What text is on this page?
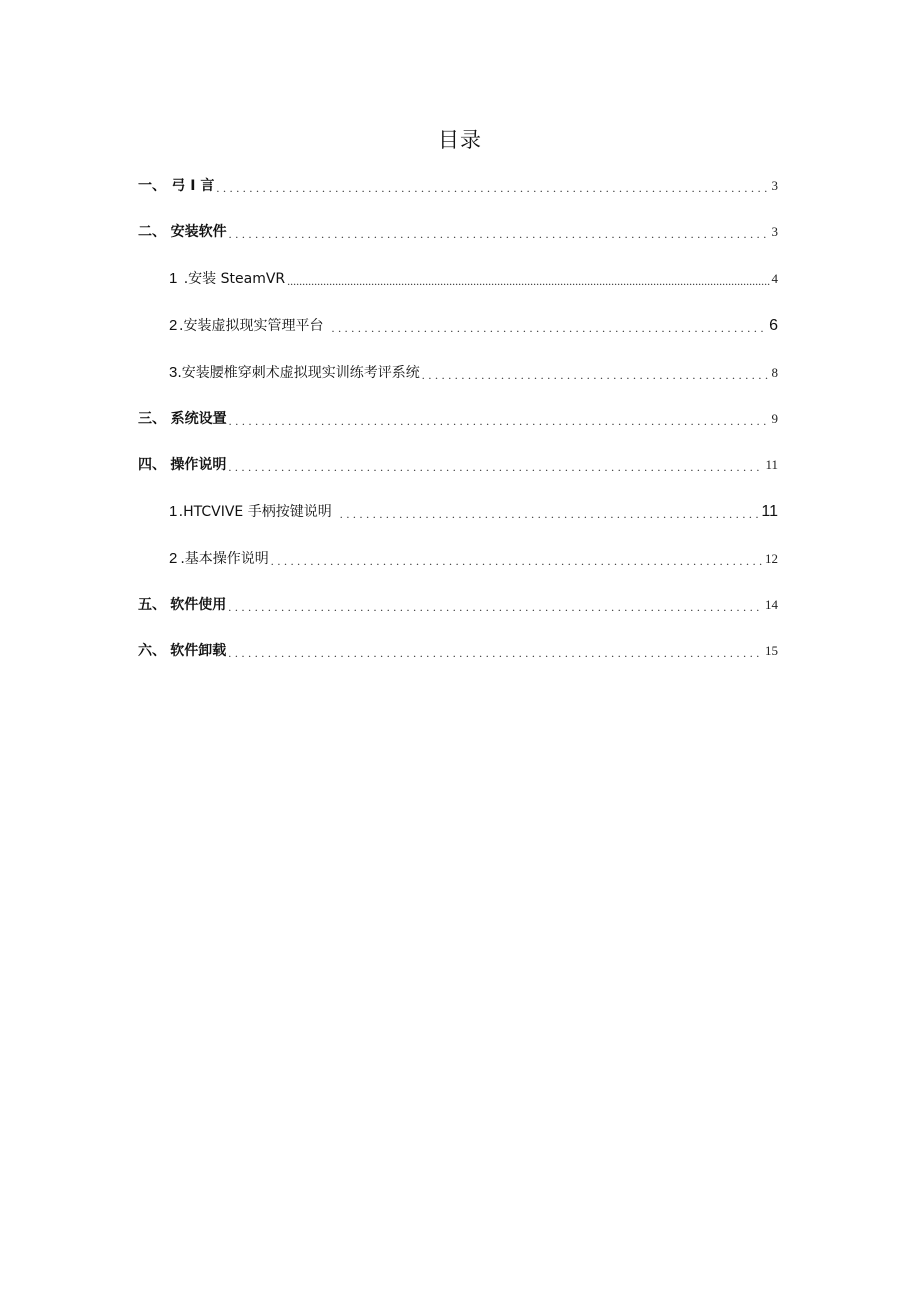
目录
一、 弓 I 言 .....	3
二、 安装软件 .....	3
1 .安装 SteamVR .....	4
2 .安装虚拟现实管理平台 .....	6
3 .安装腰椎穿刺术虚拟现实训练考评系统 .....	8
三、 系统设置 .....	9
四、 操作说明 .....	11
1 .HTCVIVE 手柄按键说明 .....	11
2 .基本操作说明 .....	12
五、 软件使用 .....	14
六、 软件卸载 .....	15
